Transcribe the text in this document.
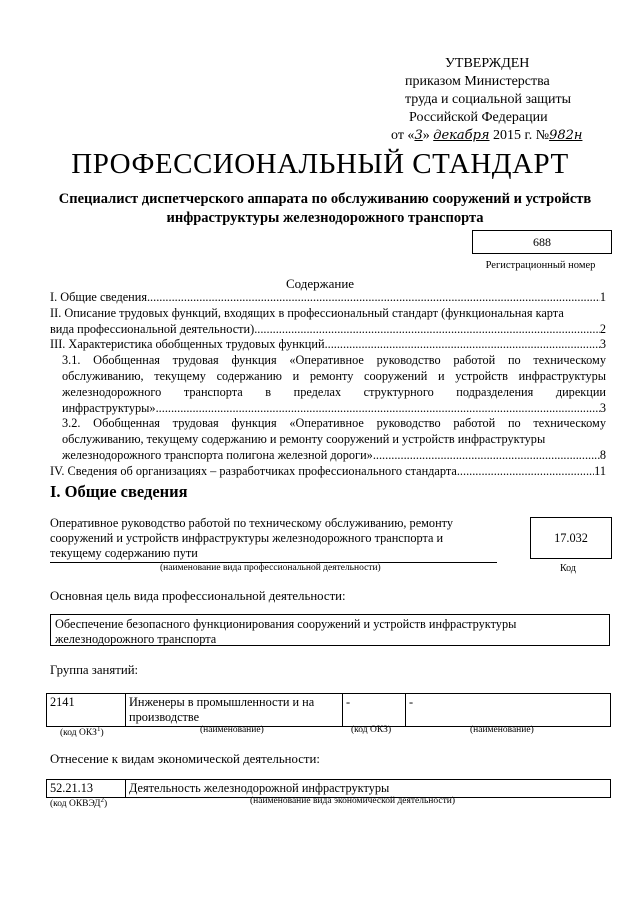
УТВЕРЖДЕН
приказом Министерства
труда и социальной защиты
Российской Федерации
от «3» декабря 2015 г. №982н
ПРОФЕССИОНАЛЬНЫЙ СТАНДАРТ
Специалист диспетчерского аппарата по обслуживанию сооружений и устройств инфраструктуры железнодорожного транспорта
688
Регистрационный номер
Содержание
I. Общие сведения .....	1
II. Описание трудовых функций, входящих в профессиональный стандарт (функциональная карта
вида профессиональной деятельности) .....	2
III. Характеристика обобщенных трудовых функций .....	3
3.1. Обобщенная трудовая функция «Оперативное руководство работой по техническому обслуживанию, текущему содержанию и ремонту сооружений и устройств инфраструктуры железнодорожного транспорта в пределах структурного подразделения дирекции
инфраструктуры» .....	3
3.2. Обобщенная трудовая функция «Оперативное руководство работой по техническому обслуживанию, текущему содержанию и ремонту сооружений и устройств инфраструктуры
железнодорожного транспорта полигона железной дороги» .....	8
IV. Сведения об организациях – разработчиках профессионального стандарта .....	11
I. Общие сведения
Оперативное руководство работой по техническому обслуживанию, ремонту сооружений и устройств инфраструктуры железнодорожного транспорта и текущему содержанию пути
17.032
(наименование вида профессиональной деятельности)	Код
Основная цель вида профессиональной деятельности:
Обеспечение безопасного функционирования сооружений и устройств инфраструктуры железнодорожного транспорта
Группа занятий:
2141	Инженеры в промышленности и на производстве	-	-
(код ОКЗ$^1$)	(наименование)	(код ОКЗ)	(наименование)
Отнесение к видам экономической деятельности:
52.21.13	Деятельность железнодорожной инфраструктуры
(код ОКВЭД$^2$)	(наименование вида экономической деятельности)
